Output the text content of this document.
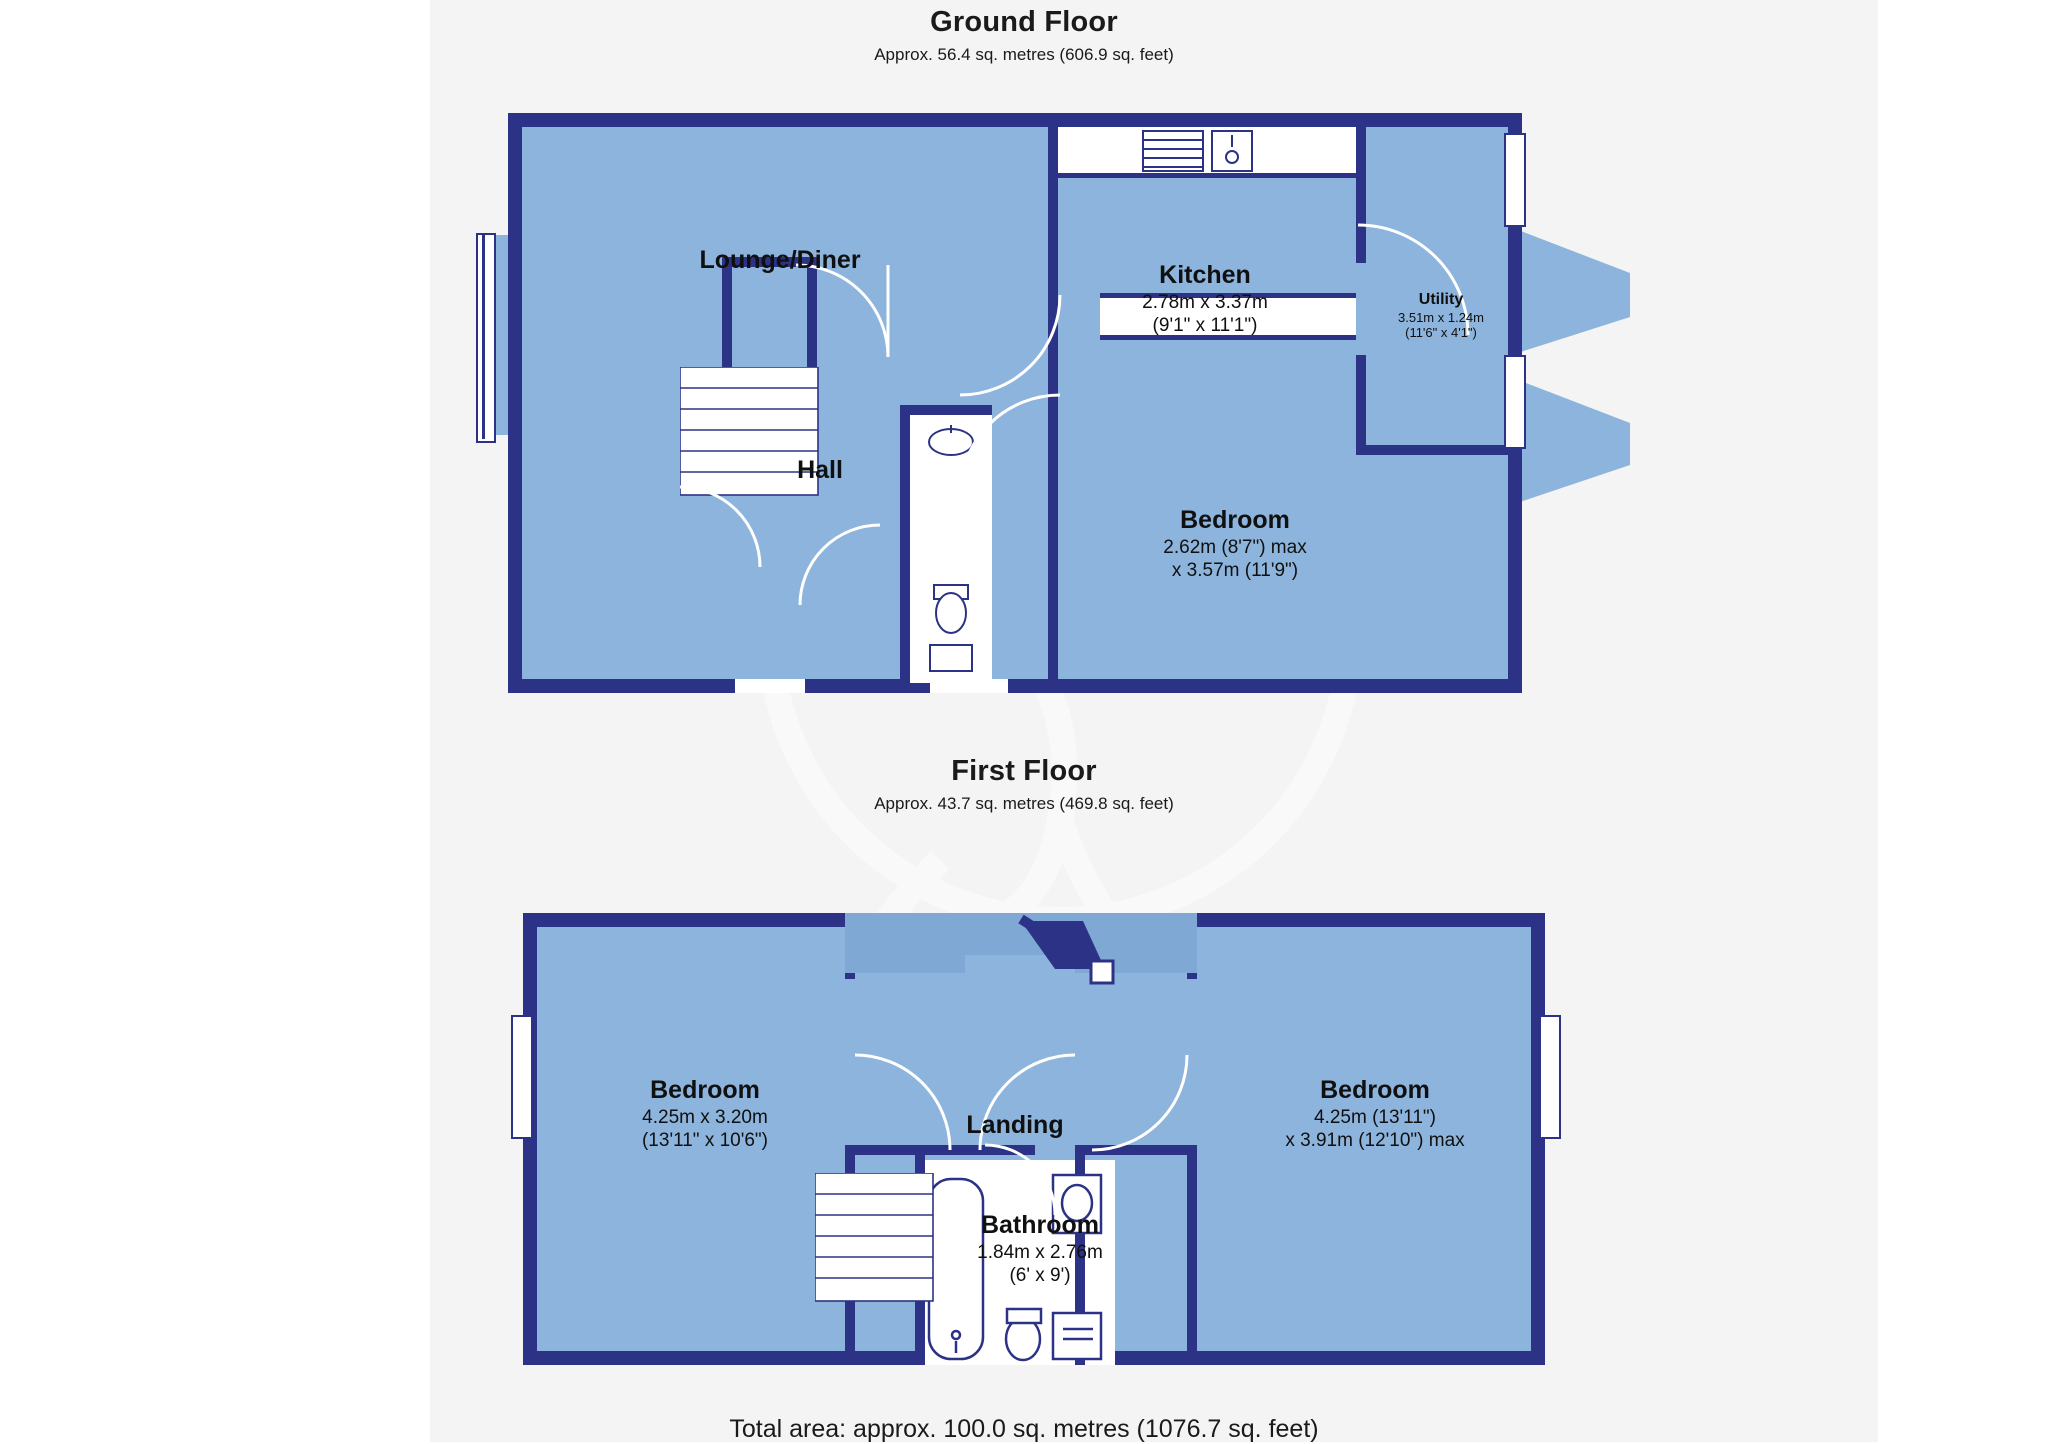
Ground Floor
Approx. 56.4 sq. metres (606.9 sq. feet)
Lounge/Diner
Kitchen
2.78m x 3.37m
(9'1" x 11'1")
Utility
3.51m x 1.24m
(11'6" x 4'1")
Hall
Bedroom
2.62m (8'7") max
x 3.57m (11'9")
First Floor
Approx. 43.7 sq. metres (469.8 sq. feet)
Bedroom
4.25m x 3.20m
(13'11" x 10'6")
Landing
Bedroom
4.25m (13'11")
x 3.91m (12'10") max
Bathroom
1.84m x 2.76m
(6' x 9')
Total area: approx. 100.0 sq. metres (1076.7 sq. feet)
